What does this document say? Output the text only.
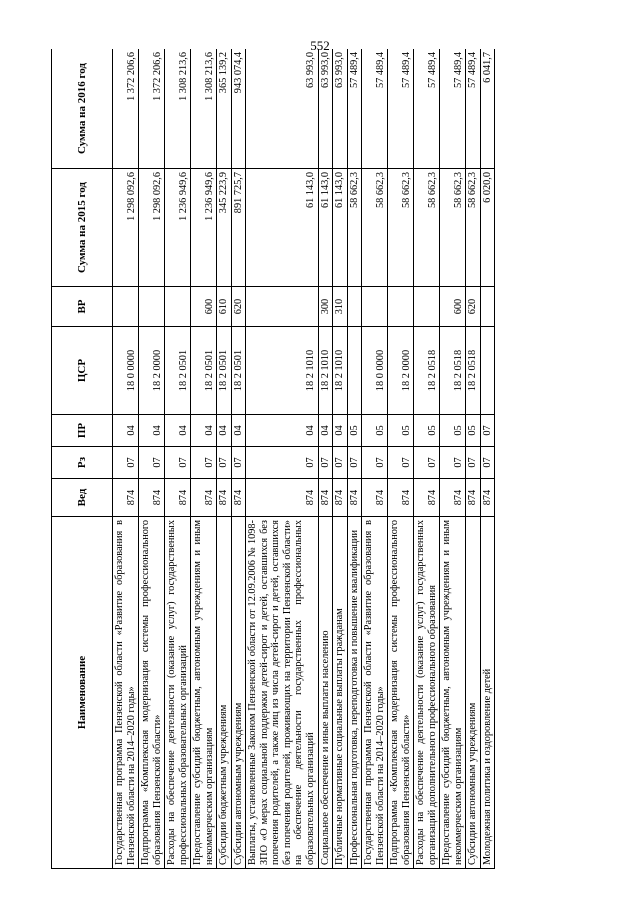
552
Наименование	Вед	Рз	ПР	ЦСР	ВР	Сумма на 2015 год	Сумма на 2016 год
Государственная программа Пензенской области «Развитие образования в Пензенской области на 2014–2020 годы»	874	07	04	18 0 0000		1 298 092,6	1 372 206,6
Подпрограмма «Комплексная модернизация системы профессионального образования Пензенской области»	874	07	04	18 2 0000		1 298 092,6	1 372 206,6
Расходы на обеспечение деятельности (оказание услуг) государственных профессиональных образовательных организаций	874	07	04	18 2 0501		1 236 949,6	1 308 213,6
Предоставление субсидий бюджетным, автономным учреждениям и иным некоммерческим организациям	874	07	04	18 2 0501	600	1 236 949,6	1 308 213,6
Субсидии бюджетным учреждениям	874	07	04	18 2 0501	610	345 223,9	365 139,2
Субсидии автономным учреждениям	874	07	04	18 2 0501	620	891 725,7	943 074,4
Выплаты, установленные Законом Пензенской области от 12.09.2006 № 1098-ЗПО «О мерах социальной поддержки детей-сирот и детей, оставшихся без попечения родителей, а также лиц из числа детей-сирот и детей, оставшихся без попечения родителей, проживающих на территории Пензенской области» на обеспечение деятельности государственных профессиональных образовательных организаций	874	07	04	18 2 1010		61 143,0	63 993,0
Социальное обеспечение и иные выплаты населению	874	07	04	18 2 1010	300	61 143,0	63 993,0
Публичные нормативные социальные выплаты гражданам	874	07	04	18 2 1010	310	61 143,0	63 993,0
Профессиональная подготовка, переподготовка и повышение квалификации	874	07	05			58 662,3	57 489,4
Государственная программа Пензенской области «Развитие образования в Пензенской области на 2014–2020 годы»	874	07	05	18 0 0000		58 662,3	57 489,4
Подпрограмма «Комплексная модернизация системы профессионального образования Пензенской области»	874	07	05	18 2 0000		58 662,3	57 489,4
Расходы на обеспечение деятельности (оказание услуг) государственных организаций дополнительного профессионального образования	874	07	05	18 2 0518		58 662,3	57 489,4
Предоставление субсидий бюджетным, автономным учреждениям и иным некоммерческим организациям	874	07	05	18 2 0518	600	58 662,3	57 489,4
Субсидии автономным учреждениям	874	07	05	18 2 0518	620	58 662,3	57 489,4
Молодежная политика и оздоровление детей	874	07	07			6 020,0	6 041,7
